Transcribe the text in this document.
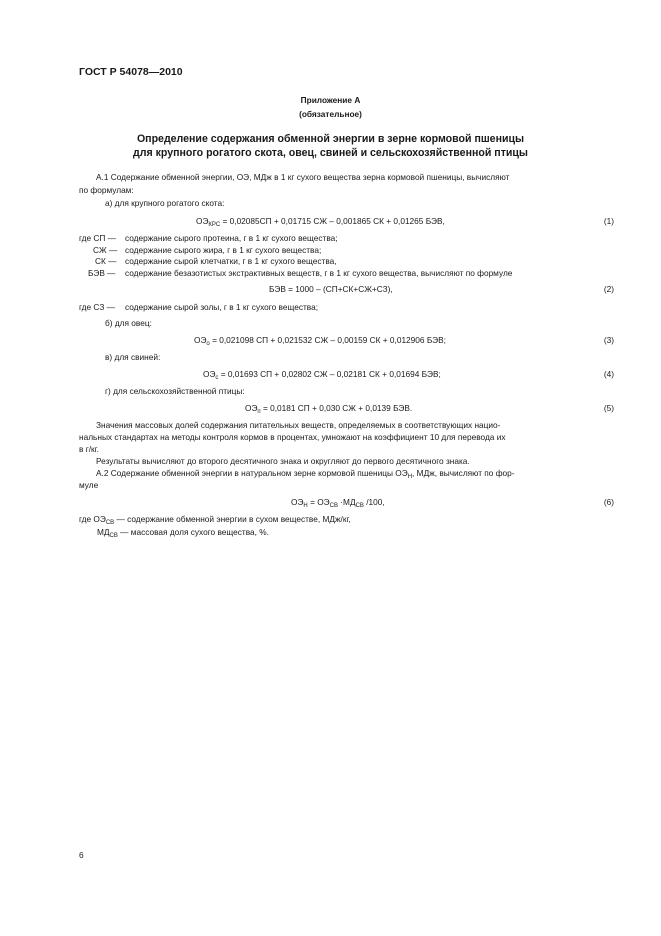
ГОСТ Р 54078—2010
Приложение А
(обязательное)
Определение содержания обменной энергии в зерне кормовой пшеницы
для крупного рогатого скота, овец, свиней и сельскохозяйственной птицы
А.1 Содержание обменной энергии, ОЭ, МДж в 1 кг сухого вещества зерна кормовой пшеницы, вычисляют
по формулам:
а) для крупного рогатого скота:
$ОЭ_{КРС} = 0,02085СП + 0,01715$ СЖ – 0,001865 СК + 0,01265 БЭВ,	(1)
где СП — содержание сырого протеина, г в 1 кг сухого вещества;
СЖ — содержание сырого жира, г в 1 кг сухого вещества;
СК — содержание сырой клетчатки, г в 1 кг сухого вещества,
БЭВ — содержание безазотистых экстрактивных веществ, г в 1 кг сухого вещества, вычисляют по формуле
БЭВ = 1000 – (СП+СК+СЖ+СЗ),	(2)
где СЗ — содержание сырой золы, г в 1 кг сухого вещества;
б) для овец:
$ОЭ_о = 0,021098$ СП + 0,021532 СЖ – 0,00159 СК + 0,012906 БЭВ;	(3)
в) для свиней:
$ОЭ_с = 0,01693$ СП + 0,02802 СЖ – 0,02181 СК + 0,01694 БЭВ;	(4)
г) для сельскохозяйственной птицы:
$ОЭ_п = 0,0181$ СП + 0,030 СЖ + 0,0139 БЭВ.	(5)
Значения массовых долей содержания питательных веществ, определяемых в соответствующих нацио-
нальных стандартах на методы контроля кормов в процентах, умножают на коэффициент 10 для перевода их
в г/кг.
Результаты вычисляют до второго десятичного знака и округляют до первого десятичного знака.
А.2 Содержание обменной энергии в натуральном зерне кормовой пшеницы $ОЭ_Н$, МДж, вычисляют по фор-
муле
$ОЭ_Н = ОЭ_{СВ} \cdot МД_{СВ}$ /100,	(6)
где $ОЭ_{СВ}$ — содержание обменной энергии в сухом веществе, МДж/кг,
$МД_{СВ}$ — массовая доля сухого вещества, %.
6
